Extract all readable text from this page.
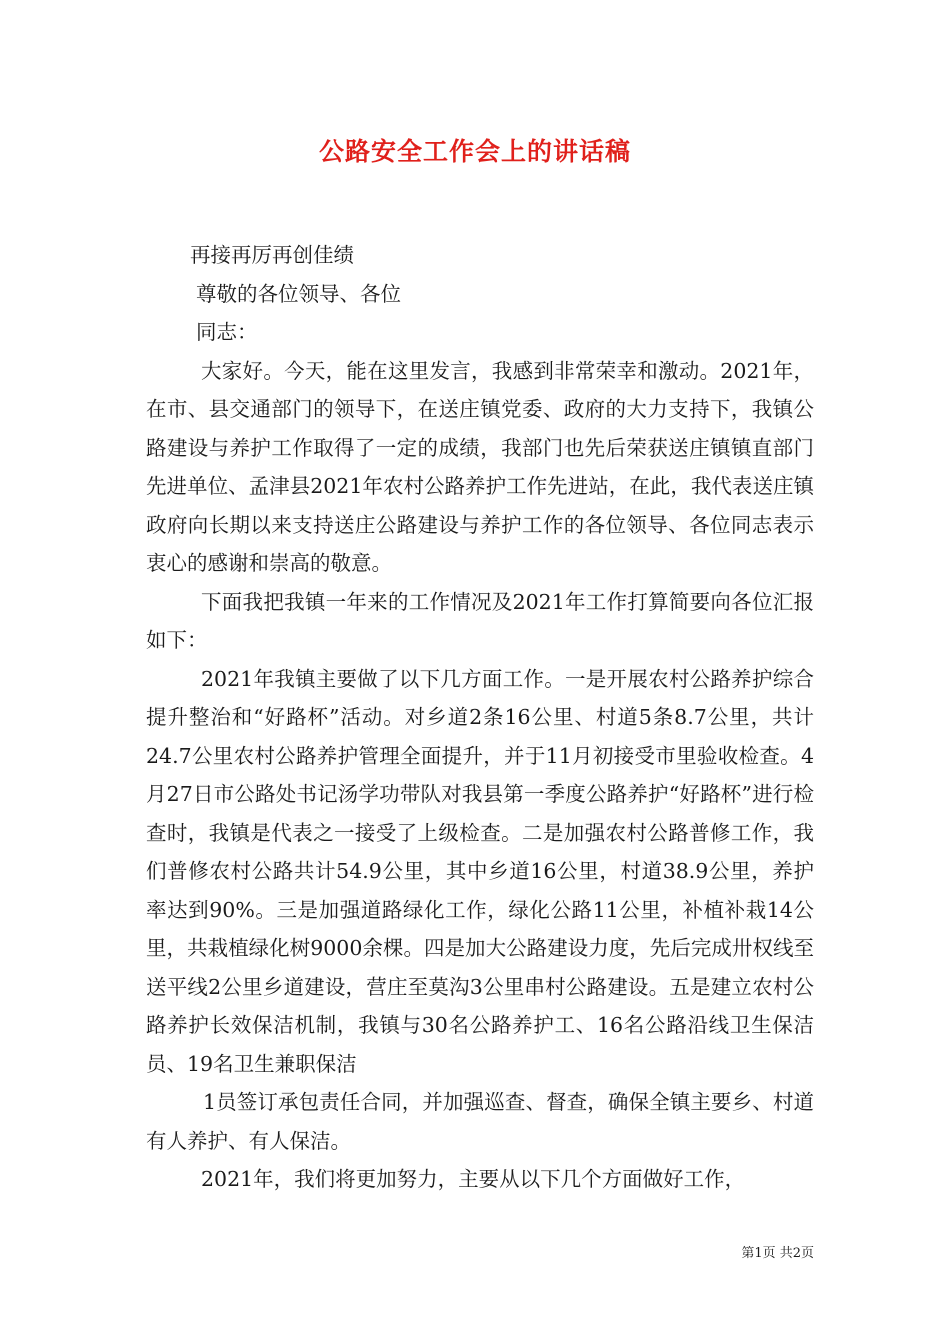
公路安全工作会上的讲话稿

再接再厉再创佳绩

尊敬的各位领导、各位

同志：

大家好。今天，能在这里发言，我感到非常荣幸和激动。2021年，在市、县交通部门的领导下，在送庄镇党委、政府的大力支持下，我镇公路建设与养护工作取得了一定的成绩，我部门也先后荣获送庄镇镇直部门先进单位、孟津县2021年农村公路养护工作先进站，在此，我代表送庄镇政府向长期以来支持送庄公路建设与养护工作的各位领导、各位同志表示衷心的感谢和崇高的敬意。

下面我把我镇一年来的工作情况及2021年工作打算简要向各位汇报如下：

2021年我镇主要做了以下几方面工作。一是开展农村公路养护综合提升整治和“好路杯”活动。对乡道2条16公里、村道5条8.7公里，共计24.7公里农村公路养护管理全面提升，并于11月初接受市里验收检查。4月27日市公路处书记汤学功带队对我县第一季度公路养护“好路杯”进行检查时，我镇是代表之一接受了上级检查。二是加强农村公路普修工作，我们普修农村公路共计54.9公里，其中乡道16公里，村道38.9公里，养护率达到90%。三是加强道路绿化工作，绿化公路11公里，补植补栽14公里，共栽植绿化树9000余棵。四是加大公路建设力度，先后完成卅权线至送平线2公里乡道建设，营庄至莫沟3公里串村公路建设。五是建立农村公路养护长效保洁机制，我镇与30名公路养护工、16名公路沿线卫生保洁员、19名卫生兼职保洁

1员签订承包责任合同，并加强巡查、督查，确保全镇主要乡、村道有人养护、有人保洁。

2021年，我们将更加努力，主要从以下几个方面做好工作，

第1页 共2页
